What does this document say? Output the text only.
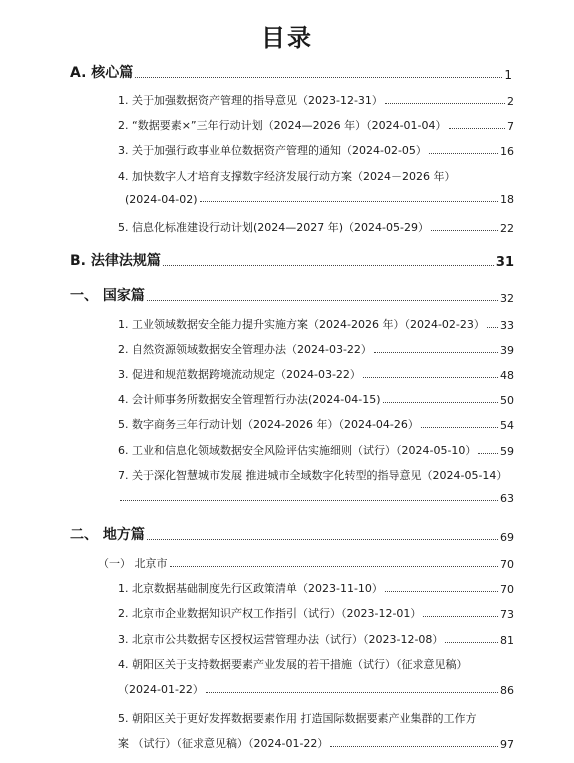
目录
A. 核心篇	1
1. 关于加强数据资产管理的指导意见（2023-12-31）	2
2. “数据要素×”三年行动计划（2024—2026 年）（2024-01-04）	7
3. 关于加强行政事业单位数据资产管理的通知（2024-02-05）	16
4. 加快数字人才培育支撑数字经济发展行动方案（2024－2026 年）
(2024-04-02)	18
5. 信息化标准建设行动计划(2024—2027 年)（2024-05-29）	22
B. 法律法规篇	31
一、 国家篇	32
1. 工业领域数据安全能力提升实施方案（2024-2026 年）（2024-02-23） 33
2. 自然资源领域数据安全管理办法（2024-03-22）	39
3. 促进和规范数据跨境流动规定（2024-03-22）	48
4. 会计师事务所数据安全管理暂行办法(2024-04-15)	50
5. 数字商务三年行动计划（2024-2026 年）（2024-04-26）	54
6. 工业和信息化领域数据安全风险评估实施细则（试行）（2024-05-10） 59
7. 关于深化智慧城市发展 推进城市全域数字化转型的指导意见（2024-05-14）
63
二、 地方篇	69
（一） 北京市	70
1. 北京数据基础制度先行区政策清单（2023-11-10）	70
2. 北京市企业数据知识产权工作指引（试行）（2023-12-01）	73
3. 北京市公共数据专区授权运营管理办法（试行）（2023-12-08）	81
4. 朝阳区关于支持数据要素产业发展的若干措施（试行）（征求意见稿）
（2024-01-22）	86
5. 朝阳区关于更好发挥数据要素作用 打造国际数据要素产业集群的工作方
案 （试行）（征求意见稿）（2024-01-22）	97
